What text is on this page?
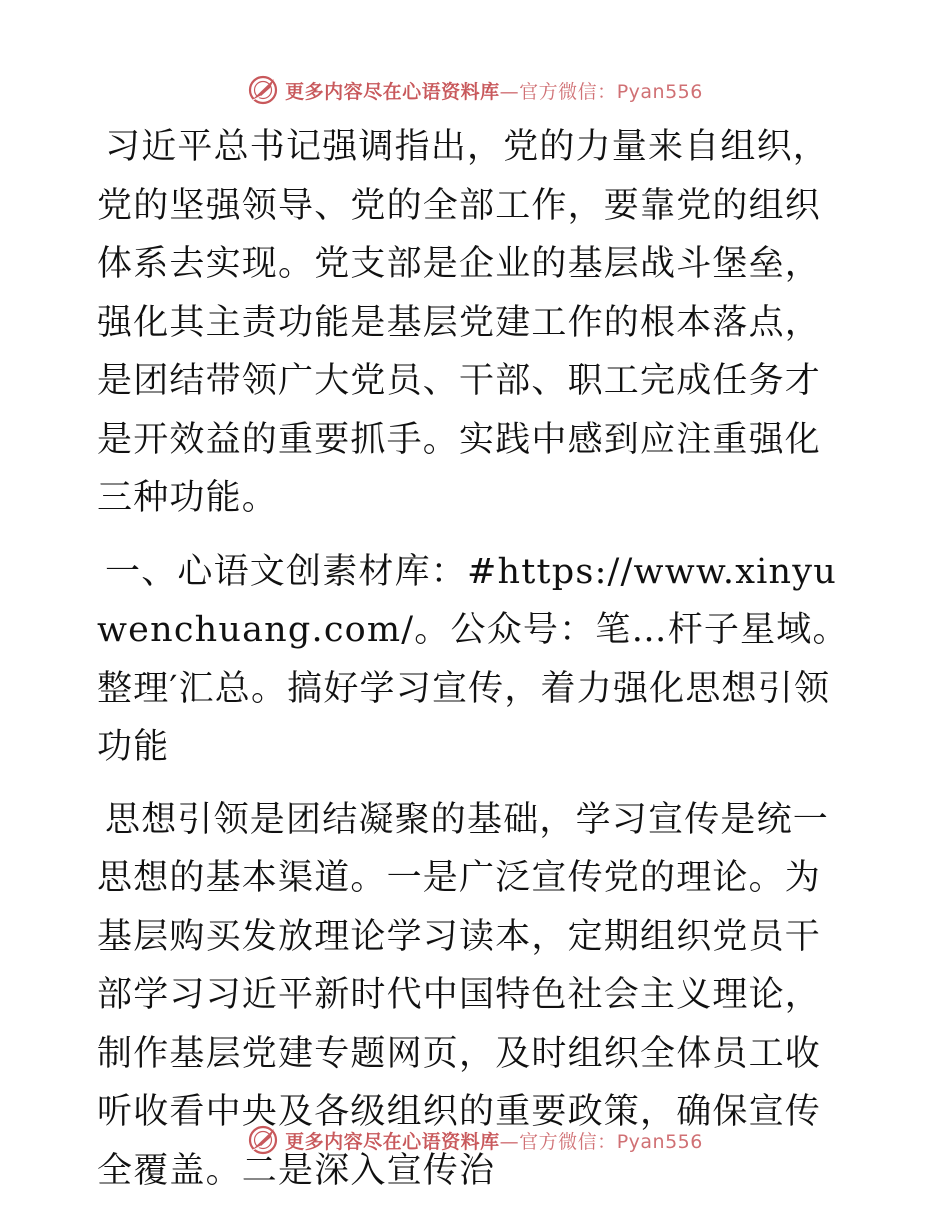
更多内容尽在心语资料库—官方微信：Pyan556

习近平总书记强调指出，党的力量来自组织，党的坚强领导、党的全部工作，要靠党的组织体系去实现。党支部是企业的基层战斗堡垒，强化其主责功能是基层党建工作的根本落点，是团结带领广大党员、干部、职工完成任务才是开效益的重要抓手。实践中感到应注重强化三种功能。

一、心语文创素材库：#https://www.xinyuwenchuang.com/。公众号：笔…杆子星域。整理′汇总。搞好学习宣传，着力强化思想引领功能

思想引领是团结凝聚的基础，学习宣传是统一思想的基本渠道。一是广泛宣传党的理论。为基层购买发放理论学习读本，定期组织党员干部学习习近平新时代中国特色社会主义理论，制作基层党建专题网页，及时组织全体员工收听收看中央及各级组织的重要政策，确保宣传全覆盖。二是深入宣传治

更多内容尽在心语资料库—官方微信：Pyan556
